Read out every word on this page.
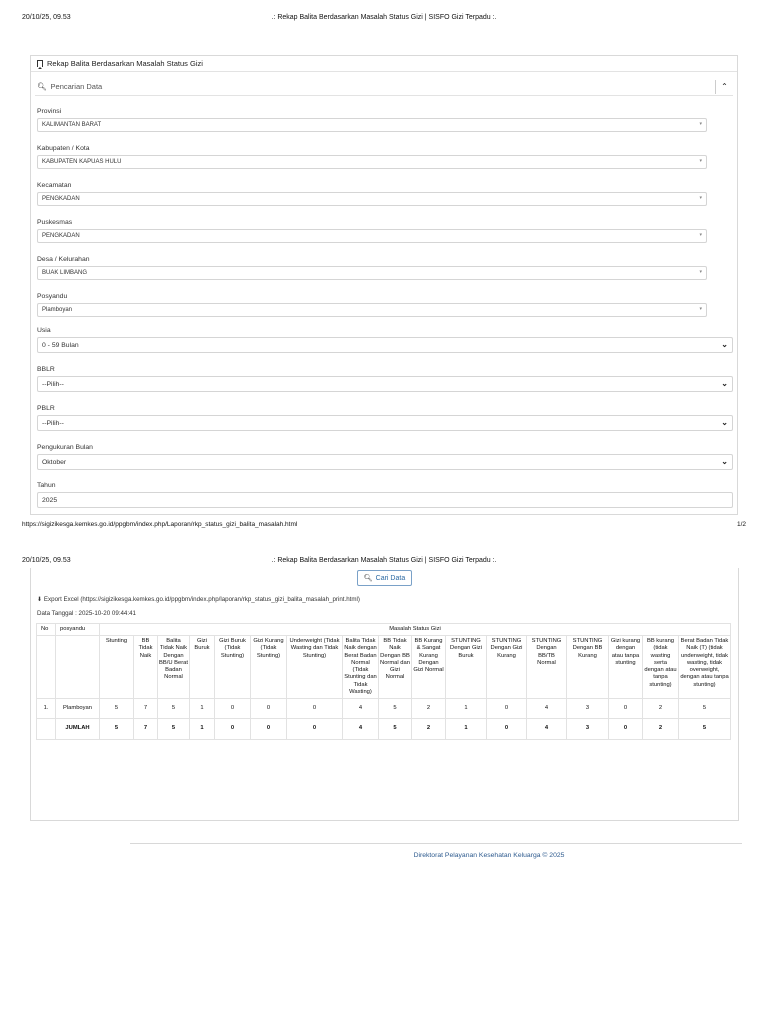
20/10/25, 09.53	.: Rekap Balita Berdasarkan Masalah Status Gizi | SISFO Gizi Terpadu :.
Rekap Balita Berdasarkan Masalah Status Gizi
🔍︎ Pencarian Data	⌃
Provinsi
KALIMANTAN BARAT	▾
Kabupaten / Kota
KABUPATEN KAPUAS HULU	▾
Kecamatan
PENGKADAN	▾
Puskesmas
PENGKADAN	▾
Desa / Kelurahan
BUAK LIMBANG	▾
Posyandu
Plamboyan	▾
Usia
0 - 59 Bulan	⌄
BBLR
--Pilih--	⌄
PBLR
--Pilih--	⌄
Pengukuran Bulan
Oktober	⌄
Tahun
2025
https://sigizikesga.kemkes.go.id/ppgbm/index.php/Laporan/rkp_status_gizi_balita_masalah.html	1/2
20/10/25, 09.53	.: Rekap Balita Berdasarkan Masalah Status Gizi | SISFO Gizi Terpadu :.
🔍︎ Cari Data
⬇ Export Excel (https://sigizikesga.kemkes.go.id/ppgbm/index.php/laporan/rkp_status_gizi_balita_masalah_print.html)
Data Tanggal : 2025-10-20 09:44:41
No	posyandu	Masalah Status Gizi																
		Stunting	BB Tidak Naik	Balita Tidak Naik Dengan BB/U Berat Badan Normal	Gizi Buruk	Gizi Buruk (Tidak Stunting)	Gizi Kurang (Tidak Stunting)	Underweight (Tidak Wasting dan Tidak Stunting)	Balita Tidak Naik dengan Berat Badan Normal (Tidak Stunting dan Tidak Wasting)	BB Tidak Naik Dengan BB Normal dan Gizi Normal	BB Kurang & Sangat Kurang Dengan Gizi Normal	STUNTING Dengan Gizi Buruk	STUNTING Dengan Gizi Kurang	STUNTING Dengan BB/TB Normal	STUNTING Dengan BB Kurang	Gizi kurang dengan atau tanpa stunting	BB kurang (tidak wasting serta dengan atau tanpa stunting)	Berat Badan Tidak Naik (T) (tidak underweight, tidak wasting, tidak overweight, dengan atau tanpa stunting)
1.	Plamboyan	5	7	5	1	0	0	0	4	5	2	1	0	4	3	0	2	5
	JUMLAH	5	7	5	1	0	0	0	4	5	2	1	0	4	3	0	2	5
Direktorat Pelayanan Kesehatan Keluarga © 2025
